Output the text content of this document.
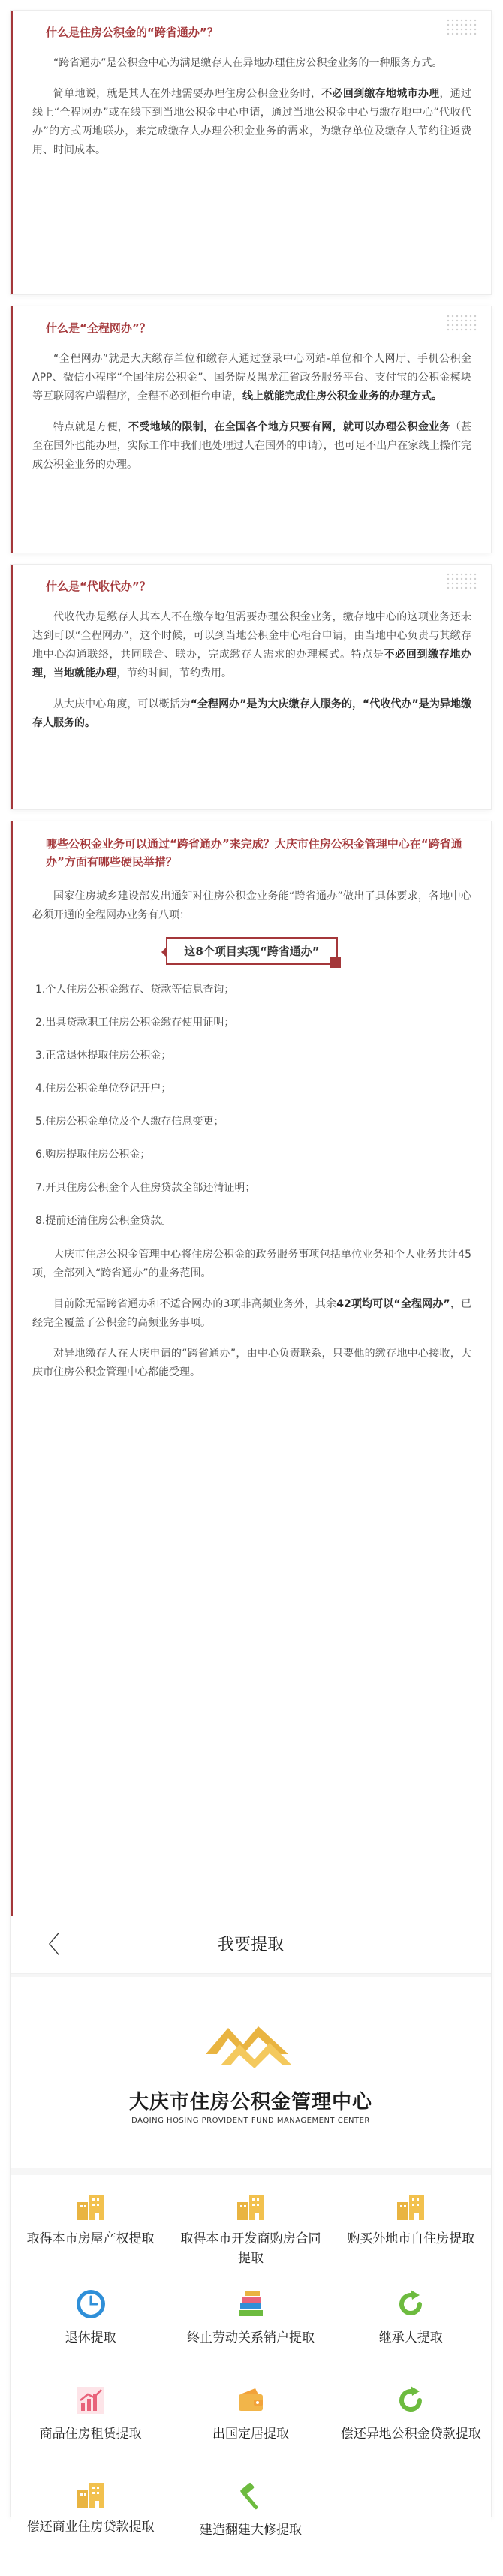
什么是住房公积金的“跨省通办”？

“跨省通办”是公积金中心为满足缴存人在异地办理住房公积金业务的一种服务方式。

简单地说，就是其人在外地需要办理住房公积金业务时，不必回到缴存地城市办理，通过线上“全程网办”或在线下到当地公积金中心申请，通过当地公积金中心与缴存地中心“代收代办”的方式两地联办，来完成缴存人办理公积金业务的需求，为缴存单位及缴存人节约往返费用、时间成本。

什么是“全程网办”？

“全程网办”就是大庆缴存单位和缴存人通过登录中心网站-单位和个人网厅、手机公积金APP、微信小程序“全国住房公积金”、国务院及黑龙江省政务服务平台、支付宝的公积金模块等互联网客户端程序，全程不必到柜台申请，线上就能完成住房公积金业务的办理方式。

特点就是方便，不受地域的限制，在全国各个地方只要有网，就可以办理公积金业务（甚至在国外也能办理，实际工作中我们也处理过人在国外的申请），也可足不出户在家线上操作完成公积金业务的办理。

什么是“代收代办”？

代收代办是缴存人其本人不在缴存地但需要办理公积金业务，缴存地中心的这项业务还未达到可以“全程网办”，这个时候，可以到当地公积金中心柜台申请，由当地中心负责与其缴存地中心沟通联络，共同联合、联办，完成缴存人需求的办理模式。特点是不必回到缴存地办理，当地就能办理，节约时间，节约费用。

从大庆中心角度，可以概括为“全程网办”是为大庆缴存人服务的，“代收代办”是为异地缴存人服务的。

哪些公积金业务可以通过“跨省通办”来完成？大庆市住房公积金管理中心在“跨省通办”方面有哪些硬民举措？

国家住房城乡建设部发出通知对住房公积金业务能“跨省通办”做出了具体要求，各地中心必须开通的全程网办业务有八项：

这8个项目实现“跨省通办”
1.个人住房公积金缴存、贷款等信息查询；
2.出具贷款职工住房公积金缴存使用证明；
3.正常退休提取住房公积金；
4.住房公积金单位登记开户；
5.住房公积金单位及个人缴存信息变更；
6.购房提取住房公积金；
7.开具住房公积金个人住房贷款全部还清证明；
8.提前还清住房公积金贷款。

大庆市住房公积金管理中心将住房公积金的政务服务事项包括单位业务和个人业务共计45项，全部列入“跨省通办”的业务范围。

目前除无需跨省通办和不适合网办的3项非高频业务外，其余42项均可以“全程网办”，已经完全覆盖了公积金的高频业务事项。

对异地缴存人在大庆申请的“跨省通办”，由中心负责联系，只要他的缴存地中心接收，大庆市住房公积金管理中心都能受理。

〈	我要提取
大庆市住房公积金管理中心
DAQING HOSING PROVIDENT FUND MANAGEMENT CENTER
取得本市房屋产权提取	取得本市开发商购房合同提取
购买外地市自住房提取
退休提取	终止劳动关系销户提取	继承人提取
商品住房租赁提取	出国定居提取	偿还异地公积金贷款提取
偿还商业住房贷款提取	建造翻建大修提取
